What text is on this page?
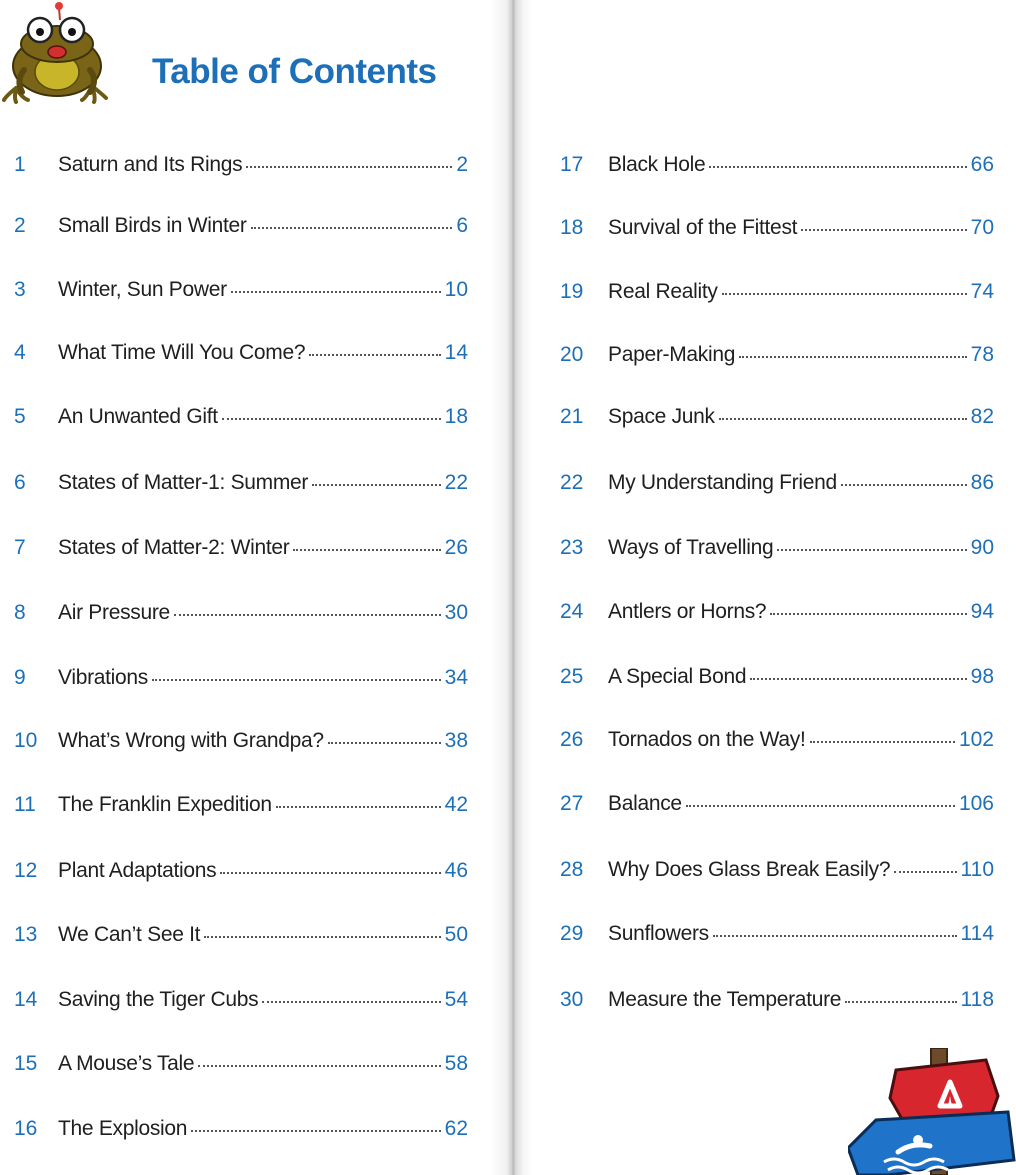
Table of Contents
1	Saturn and Its Rings	2
2	Small Birds in Winter	6
3	Winter, Sun Power	10
4	What Time Will You Come?	14
5	An Unwanted Gift	18
6	States of Matter-1: Summer	22
7	States of Matter-2: Winter	26
8	Air Pressure	30
9	Vibrations	34
10 What’s Wrong with Grandpa?	38
11	The Franklin Expedition	42
12 Plant Adaptations	46
13 We Can’t See It	50
14 Saving the Tiger Cubs	54
15 A Mouse’s Tale	58
16 The Explosion	62
17	Black Hole	66
18	Survival of the Fittest	70
19	Real Reality	74
20	Paper-Making	78
21	Space Junk	82
22	My Understanding Friend	86
23	Ways of Travelling	90
24	Antlers or Horns?	94
25	A Special Bond	98
26	Tornados on the Way!	102
27	Balance	106
28	Why Does Glass Break Easily?	110
29	Sunflowers	114
30	Measure the Temperature	118
